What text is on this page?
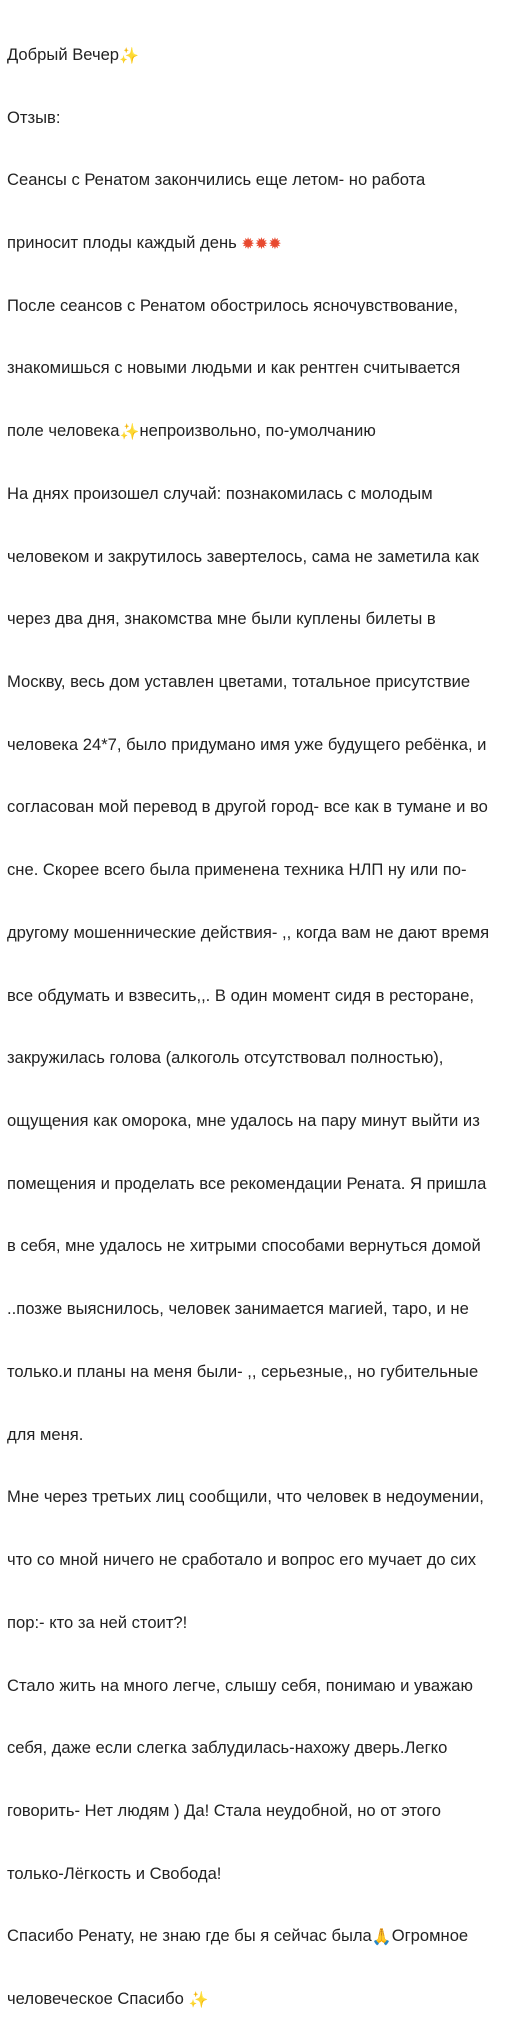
Добрый Вечер✨

Отзыв:

Сеансы с Ренатом закончились еще летом- но работа

приносит плоды каждый день ✹✹✹

После сеансов с Ренатом обострилось ясночувствование,

знакомишься с новыми людьми и как рентген считывается

поле человека✨непроизвольно, по-умолчанию

На днях произошел случай: познакомилась с молодым

человеком и закрутилось завертелось, сама не заметила как

через два дня, знакомства мне были куплены билеты в

Москву, весь дом уставлен цветами, тотальное присутствие

человека 24*7, было придумано имя уже будущего ребёнка, и

согласован мой перевод в другой город- все как в тумане и во

сне. Скорее всего была применена техника НЛП ну или по-

другому мошеннические действия- ,, когда вам не дают время

все обдумать и взвесить,,. В один момент сидя в ресторане,

закружилась голова (алкоголь отсутствовал полностью),

ощущения как оморока, мне удалось на пару минут выйти из

помещения и проделать все рекомендации Рената. Я пришла

в себя, мне удалось не хитрыми способами вернуться домой

..позже выяснилось, человек занимается магией, таро, и не

только.и планы на меня были- ,, серьезные,, но губительные

для меня.

Мне через третьих лиц сообщили, что человек в недоумении,

что со мной ничего не сработало и вопрос его мучает до сих

пор:- кто за ней стоит?!

Стало жить на много легче, слышу себя, понимаю и уважаю

себя, даже если слегка заблудилась-нахожу дверь.Легко

говорить- Нет людям ) Да! Стала неудобной, но от этого

только-Лёгкость и Свобода!

Спасибо Ренату, не знаю где бы я сейчас была🙏Огромное

человеческое Спасибо ✨
